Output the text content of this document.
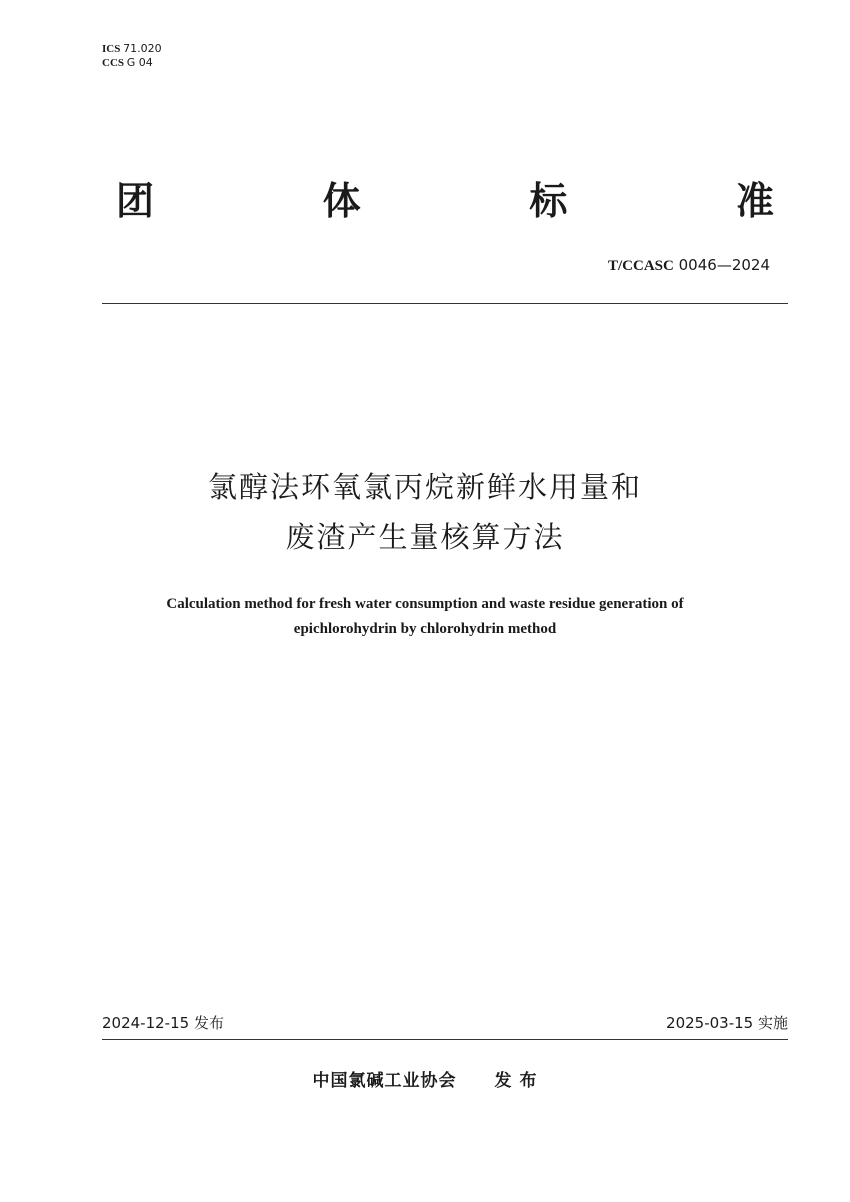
ICS 71.020
CCS G 04
团	体	标	准
T/CCASC 0046—2024
氯醇法环氧氯丙烷新鲜水用量和
废渣产生量核算方法
Calculation method for fresh water consumption and waste residue generation of
epichlorohydrin by chlorohydrin method
2024-12-15 发布	2025-03-15 实施
中国氯碱工业协会 发 布
